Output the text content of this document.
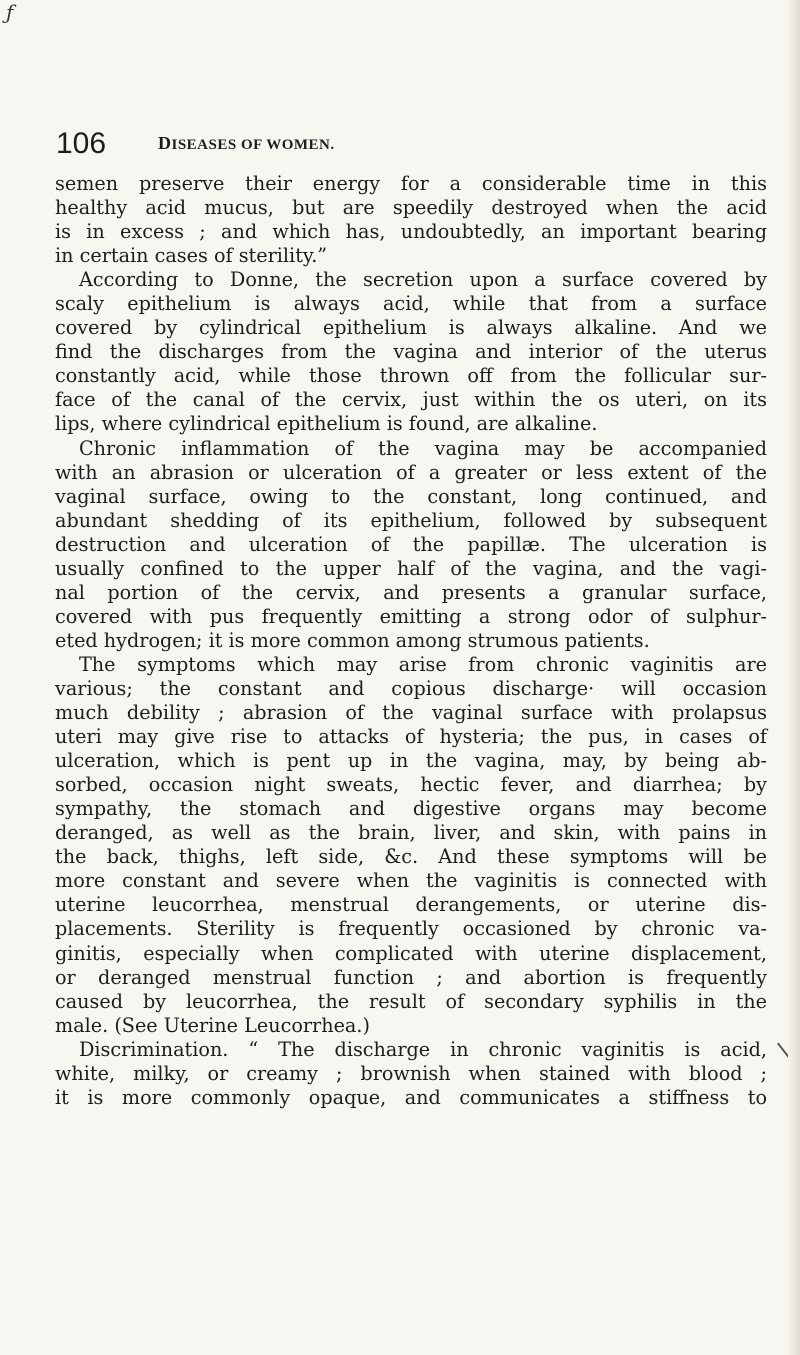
ƒ
106	DISEASES OF WOMEN.
semen preserve their energy for a considerable time in this
healthy acid mucus, but are speedily destroyed when the acid
is in excess ; and which has, undoubtedly, an important bearing
in certain cases of sterility.”
According to Donne, the secretion upon a surface covered by
scaly epithelium is always acid, while that from a surface
covered by cylindrical epithelium is always alkaline. And we
find the discharges from the vagina and interior of the uterus
constantly acid, while those thrown off from the follicular sur-
face of the canal of the cervix, just within the os uteri, on its
lips, where cylindrical epithelium is found, are alkaline.
Chronic inflammation of the vagina may be accompanied
with an abrasion or ulceration of a greater or less extent of the
vaginal surface, owing to the constant, long continued, and
abundant shedding of its epithelium, followed by subsequent
destruction and ulceration of the papillæ. The ulceration is
usually confined to the upper half of the vagina, and the vagi-
nal portion of the cervix, and presents a granular surface,
covered with pus frequently emitting a strong odor of sulphur-
eted hydrogen; it is more common among strumous patients.
The symptoms which may arise from chronic vaginitis are
various; the constant and copious discharge· will occasion
much debility ; abrasion of the vaginal surface with prolapsus
uteri may give rise to attacks of hysteria; the pus, in cases of
ulceration, which is pent up in the vagina, may, by being ab-
sorbed, occasion night sweats, hectic fever, and diarrhea; by
sympathy, the stomach and digestive organs may become
deranged, as well as the brain, liver, and skin, with pains in
the back, thighs, left side, &c. And these symptoms will be
more constant and severe when the vaginitis is connected with
uterine leucorrhea, menstrual derangements, or uterine dis-
placements. Sterility is frequently occasioned by chronic va-
ginitis, especially when complicated with uterine displacement,
or deranged menstrual function ; and abortion is frequently
caused by leucorrhea, the result of secondary syphilis in the
male. (See Uterine Leucorrhea.)
Discrimination. “ The discharge in chronic vaginitis is acid,
white, milky, or creamy ; brownish when stained with blood ;
it is more commonly opaque, and communicates a stiffness to
